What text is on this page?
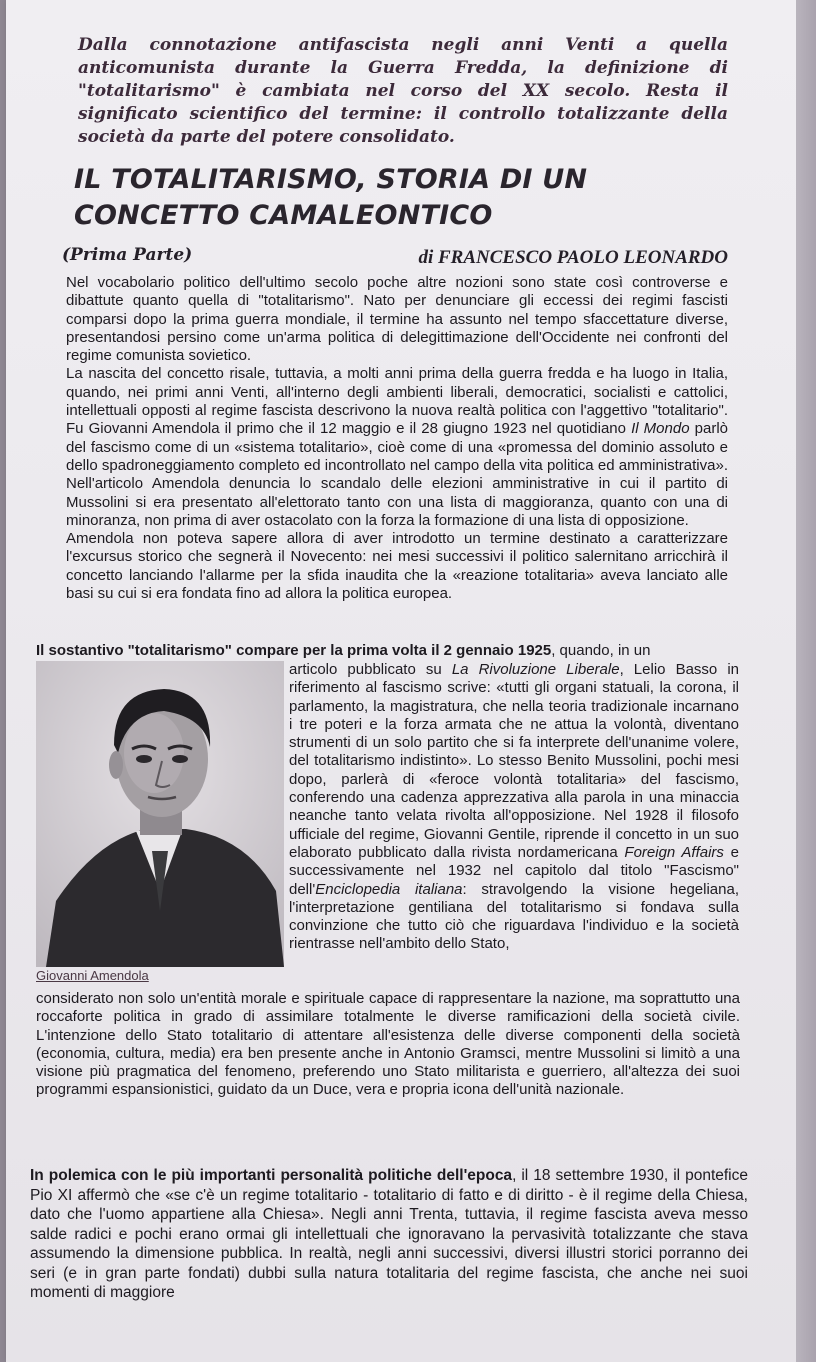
Dalla connotazione antifascista negli anni Venti a quella anticomunista durante la Guerra Fredda, la definizione di "totalitarismo" è cambiata nel corso del XX secolo. Resta il significato scientifico del termine: il controllo totalizzante della società da parte del potere consolidato.
IL TOTALITARISMO, STORIA DI UN
CONCETTO CAMALEONTICO
(Prima Parte)	di FRANCESCO PAOLO LEONARDO

Nel vocabolario politico dell'ultimo secolo poche altre nozioni sono state così controverse e dibattute quanto quella di "totalitarismo". Nato per denunciare gli eccessi dei regimi fascisti comparsi dopo la prima guerra mondiale, il termine ha assunto nel tempo sfaccettature diverse, presentandosi persino come un'arma politica di delegittimazione dell'Occidente nei confronti del regime comunista sovietico.

La nascita del concetto risale, tuttavia, a molti anni prima della guerra fredda e ha luogo in Italia, quando, nei primi anni Venti, all'interno degli ambienti liberali, democratici, socialisti e cattolici, intellettuali opposti al regime fascista descrivono la nuova realtà politica con l'aggettivo "totalitario". Fu Giovanni Amendola il primo che il 12 maggio e il 28 giugno 1923 nel quotidiano Il Mondo parlò del fascismo come di un «sistema totalitario», cioè come di una «promessa del dominio assoluto e dello spadroneggiamento completo ed incontrollato nel campo della vita politica ed amministrativa». Nell'articolo Amendola denuncia lo scandalo delle elezioni amministrative in cui il partito di Mussolini si era presentato all'elettorato tanto con una lista di maggioranza, quanto con una di minoranza, non prima di aver ostacolato con la forza la formazione di una lista di opposizione.

Amendola non poteva sapere allora di aver introdotto un termine destinato a caratterizzare l'excursus storico che segnerà il Novecento: nei mesi successivi il politico salernitano arricchirà il concetto lanciando l'allarme per la sfida inaudita che la «reazione totalitaria» aveva lanciato alle basi su cui si era fondata fino ad allora la politica europea.

Il sostantivo "totalitarismo" compare per la prima volta il 2 gennaio 1925, quando, in un
Giovanni Amendola
articolo pubblicato su La Rivoluzione Liberale, Lelio Basso in riferimento al fascismo scrive: «tutti gli organi statuali, la corona, il parlamento, la magistratura, che nella teoria tradizionale incarnano i tre poteri e la forza armata che ne attua la volontà, diventano strumenti di un solo partito che si fa interprete dell'unanime volere, del totalitarismo indistinto». Lo stesso Benito Mussolini, pochi mesi dopo, parlerà di «feroce volontà totalitaria» del fascismo, conferendo una cadenza apprezzativa alla parola in una minaccia neanche tanto velata rivolta all'opposizione. Nel 1928 il filosofo ufficiale del regime, Giovanni Gentile, riprende il concetto in un suo elaborato pubblicato dalla rivista nordamericana Foreign Affairs e successivamente nel 1932 nel capitolo dal titolo "Fascismo" dell'Enciclopedia italiana: stravolgendo la visione hegeliana, l'interpretazione gentiliana del totalitarismo si fondava sulla convinzione che tutto ciò che riguardava l'individuo e la società rientrasse nell'ambito dello Stato,
considerato non solo un'entità morale e spirituale capace di rappresentare la nazione, ma soprattutto una roccaforte politica in grado di assimilare totalmente le diverse ramificazioni della società civile. L'intenzione dello Stato totalitario di attentare all'esistenza delle diverse componenti della società (economia, cultura, media) era ben presente anche in Antonio Gramsci, mentre Mussolini si limitò a una visione più pragmatica del fenomeno, preferendo uno Stato militarista e guerriero, all'altezza dei suoi programmi espansionistici, guidato da un Duce, vera e propria icona dell'unità nazionale.

In polemica con le più importanti personalità politiche dell'epoca, il 18 settembre 1930, il pontefice Pio XI affermò che «se c'è un regime totalitario - totalitario di fatto e di diritto - è il regime della Chiesa, dato che l'uomo appartiene alla Chiesa». Negli anni Trenta, tuttavia, il regime fascista aveva messo salde radici e pochi erano ormai gli intellettuali che ignoravano la pervasività totalizzante che stava assumendo la dimensione pubblica. In realtà, negli anni successivi, diversi illustri storici porranno dei seri (e in gran parte fondati) dubbi sulla natura totalitaria del regime fascista, che anche nei suoi momenti di maggiore
